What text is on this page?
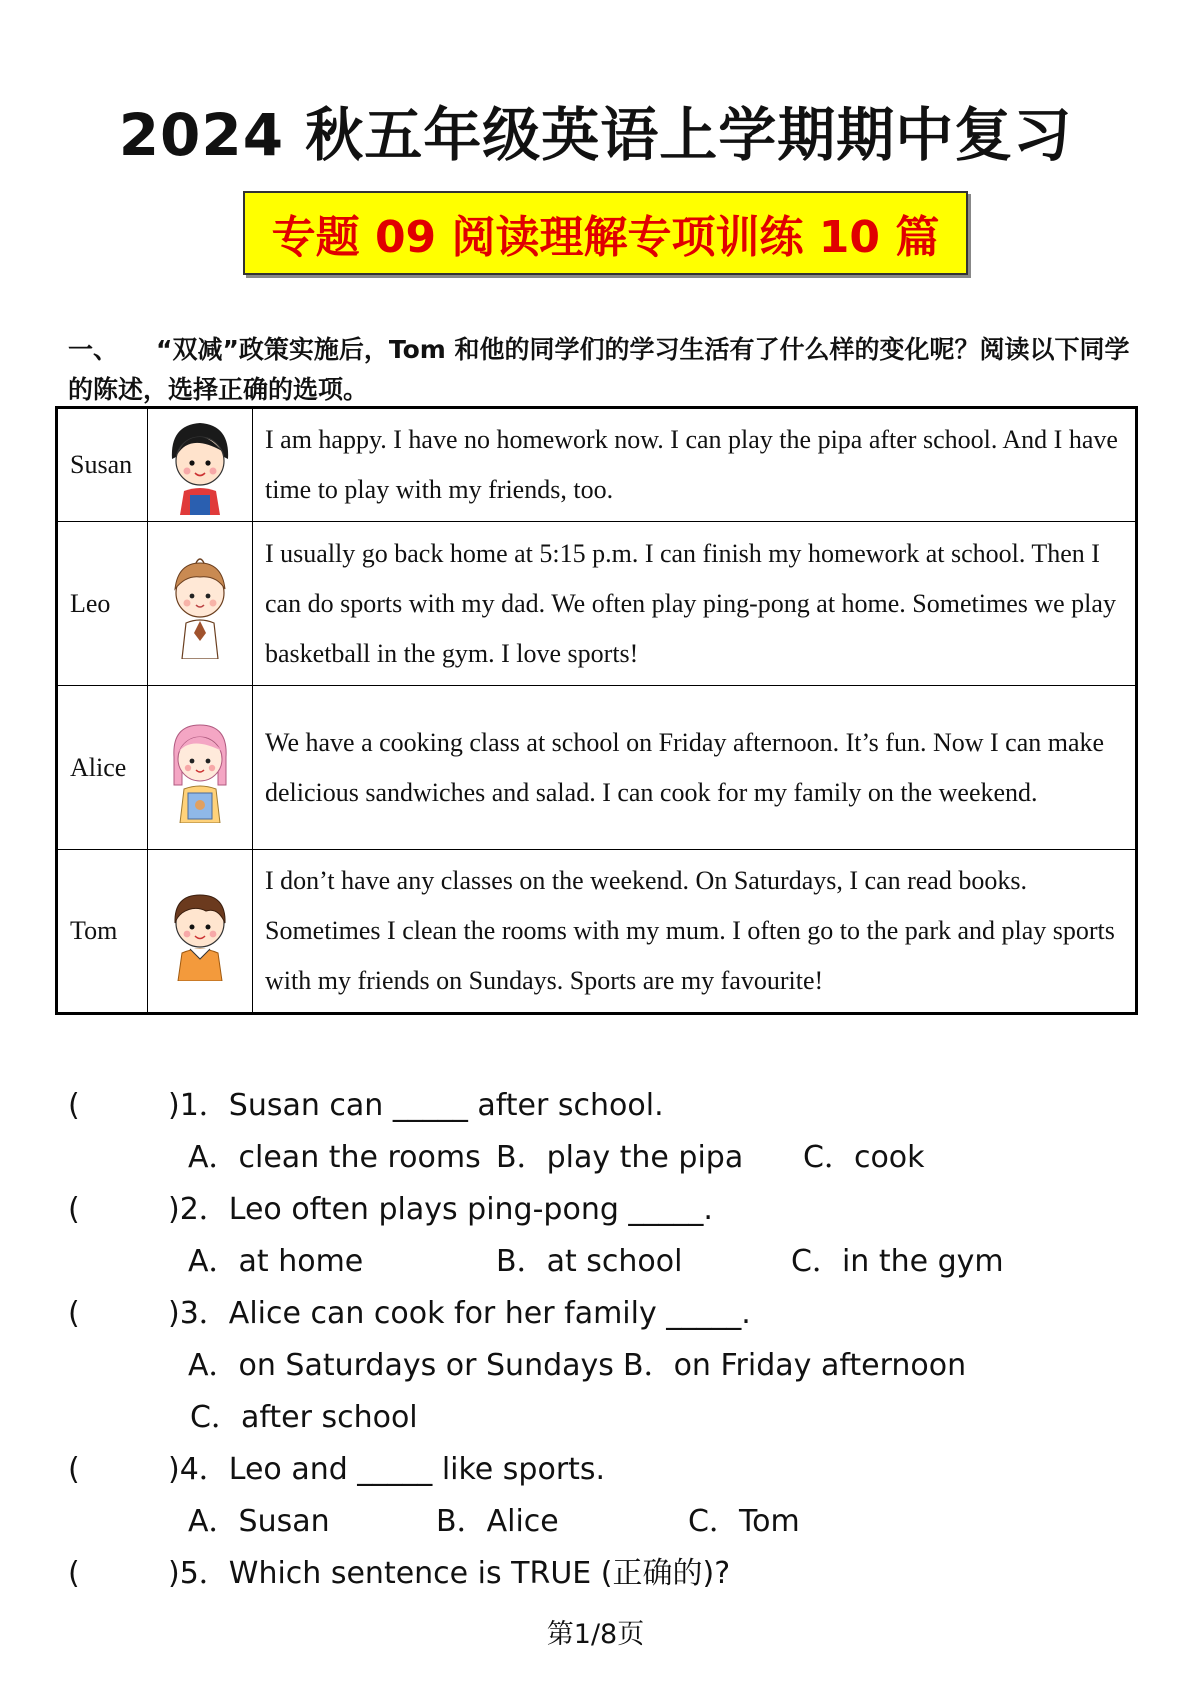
2024 秋五年级英语上学期期中复习
专题 09 阅读理解专项训练 10 篇
一、 “双减”政策实施后，Tom 和他的同学们的学习生活有了什么样的变化呢？阅读以下同学的陈述，选择正确的选项。
Susan		I am happy. I have no homework now. I can play the pipa after school. And I have time to play with my friends, too.
Leo		I usually go back home at 5:15 p.m. I can finish my homework at school. Then I can do sports with my dad. We often play ping-pong at home. Sometimes we play basketball in the gym. I love sports!
Alice		We have a cooking class at school on Friday afternoon. It’s fun. Now I can make delicious sandwiches and salad. I can cook for my family on the weekend.
Tom		I don’t have any classes on the weekend. On Saturdays, I can read books. Sometimes I clean the rooms with my mum. I often go to the park and play sports with my friends on Sundays. Sports are my favourite!
(	)1．Susan can _____ after school.
A．clean the rooms B．play the pipa C．cook
(	)2．Leo often plays ping-pong _____.
A．at home	B．at school	C．in the gym
(	)3．Alice can cook for her family _____.
A．on Saturdays or Sundays B．on Friday afternoon
C．after school
(	)4．Leo and _____ like sports.
A．Susan	B．Alice	C．Tom
(	)5．Which sentence is TRUE (正确的)?
第1/8页
